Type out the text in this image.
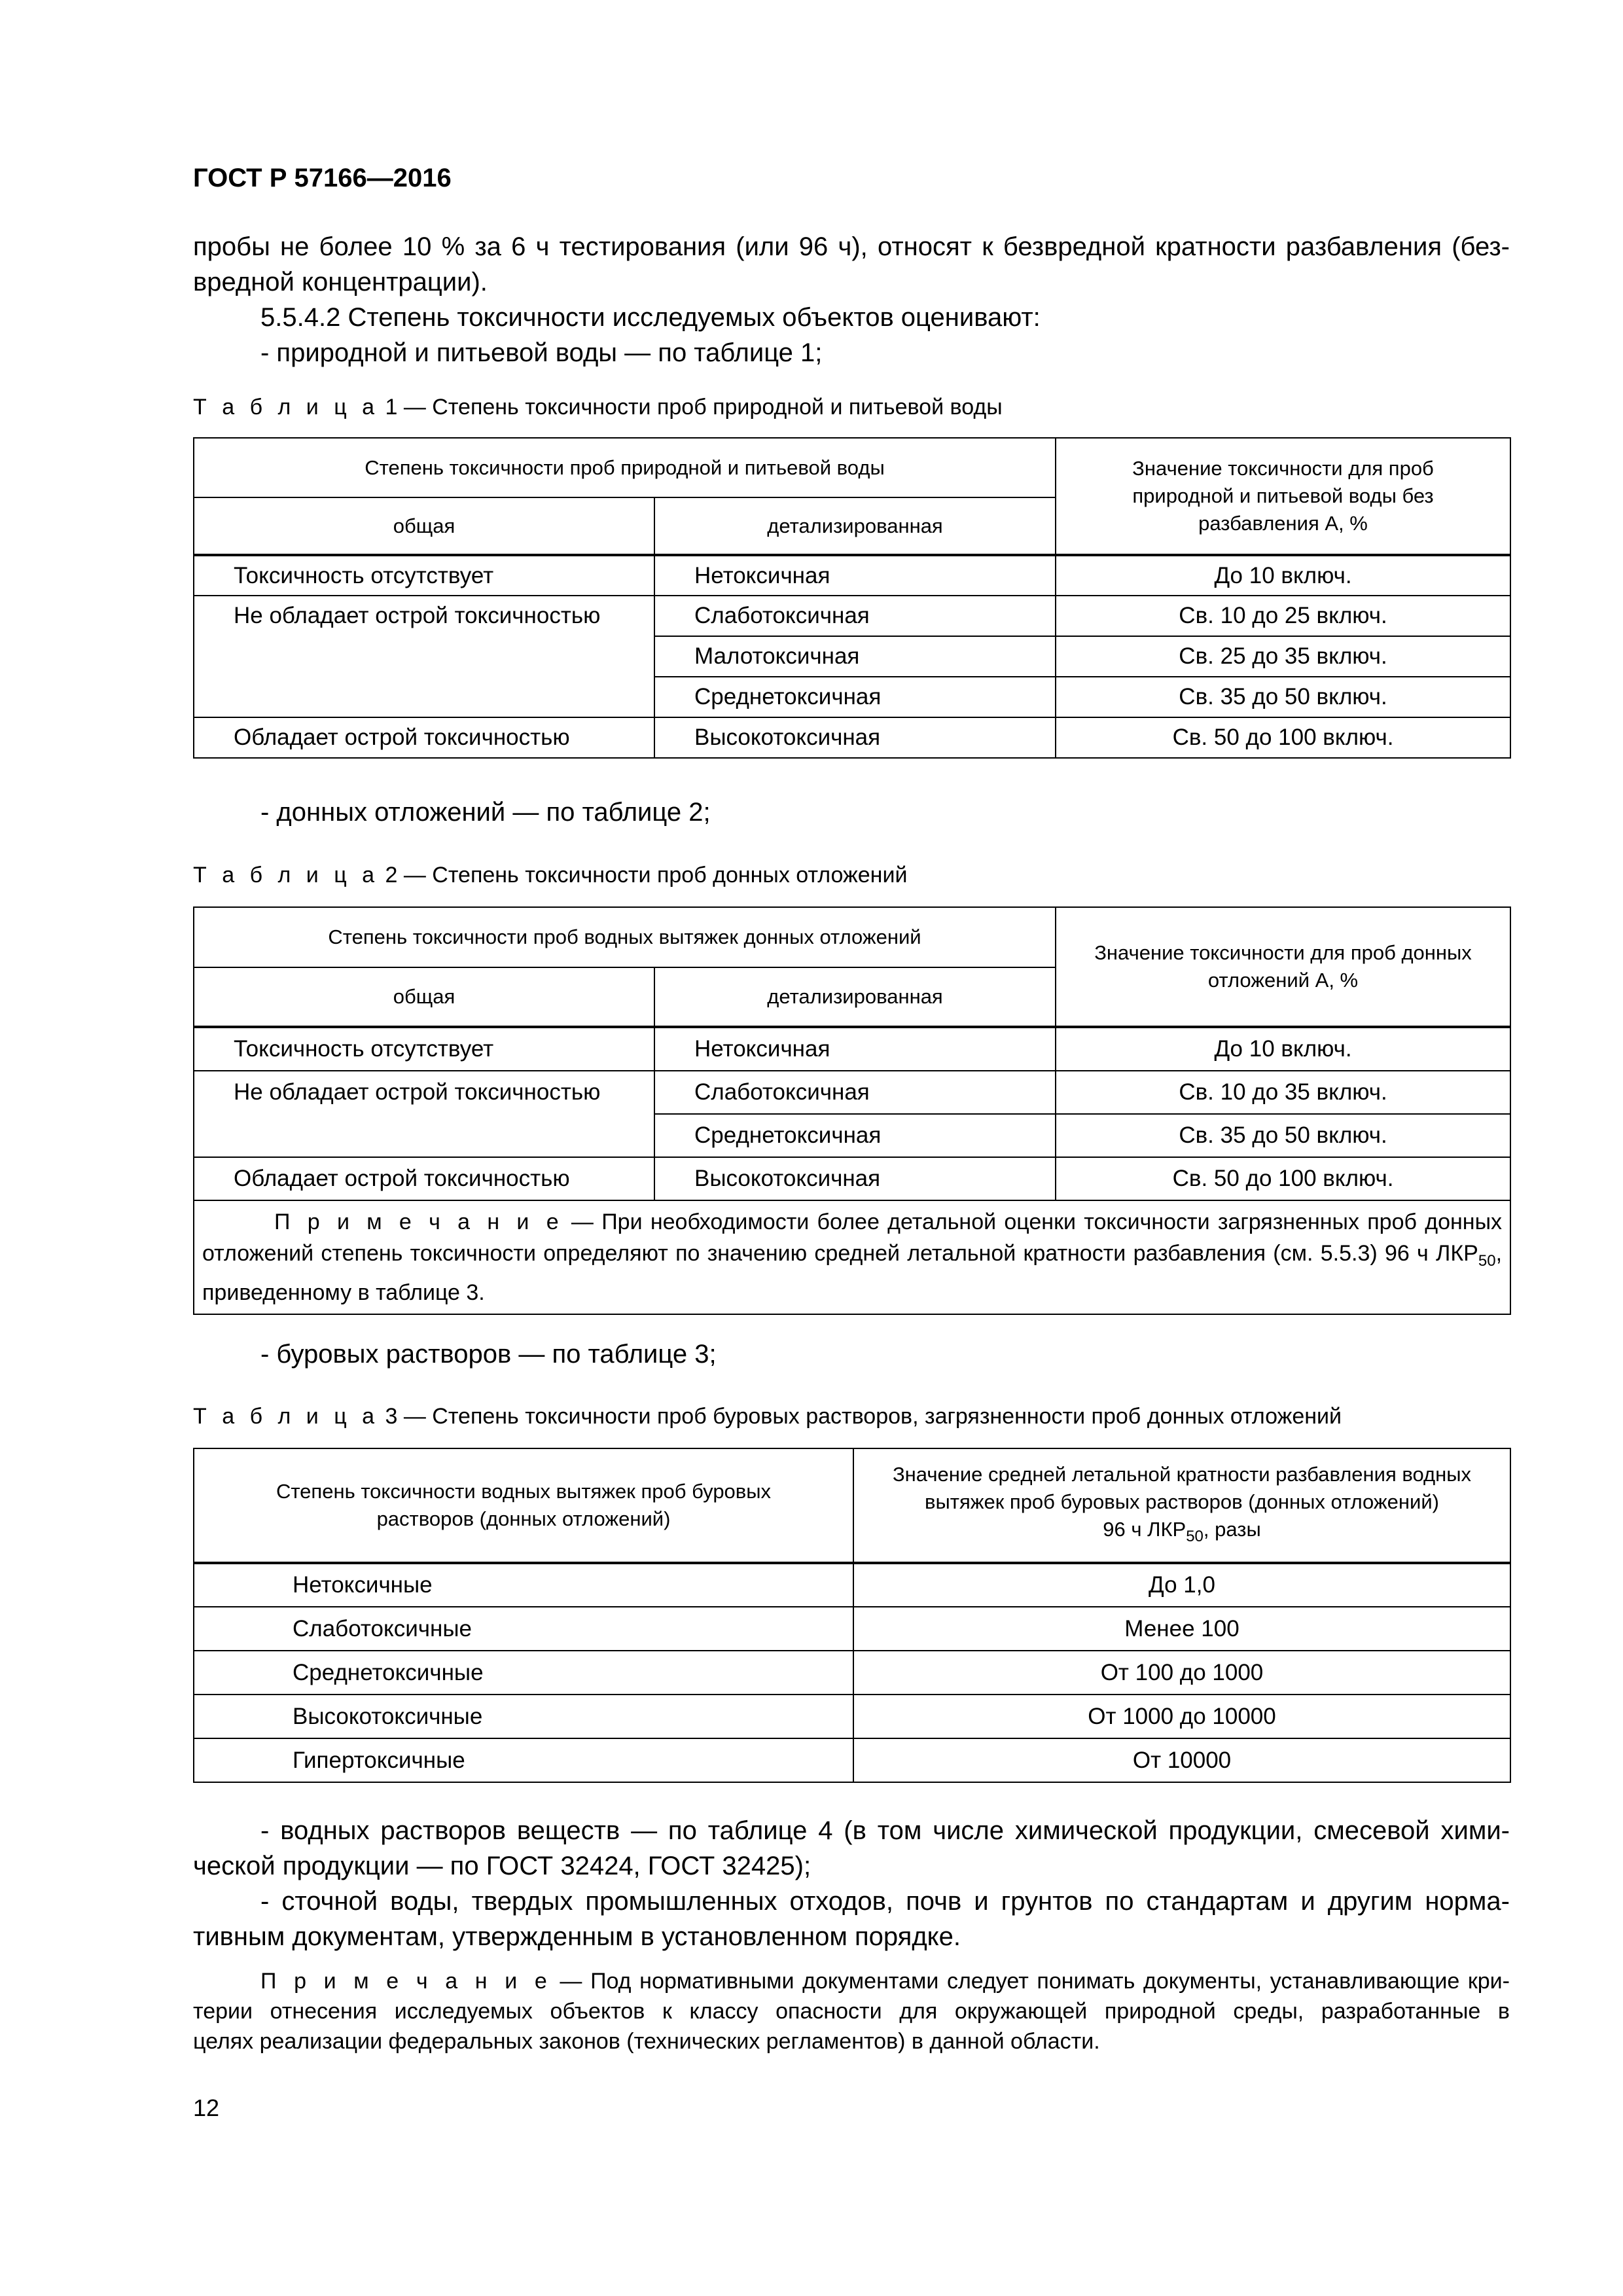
ГОСТ Р 57166—2016
пробы не более 10 % за 6 ч тестирования (или 96 ч), относят к безвредной кратности разбавления (без-
вредной концентрации).
5.5.4.2 Степень токсичности исследуемых объектов оценивают:
- природной и питьевой воды — по таблице 1;
Т а б л и ц а 1 — Степень токсичности проб природной и питьевой воды
Степень токсичности проб природной и питьевой воды		Значение токсичности для проб природной и питьевой воды без разбавления А, %
общая	детализированная	
Токсичность отсутствует	Нетоксичная	До 10 включ.
Не обладает острой токсичностью	Слаботоксичная	Св. 10 до 25 включ.
	Малотоксичная	Св. 25 до 35 включ.
	Среднетоксичная	Св. 35 до 50 включ.
Обладает острой токсичностью	Высокотоксичная	Св. 50 до 100 включ.
- донных отложений — по таблице 2;
Т а б л и ц а 2 — Степень токсичности проб донных отложений
Степень токсичности проб водных вытяжек донных отложений		Значение токсичности для проб донных отложений А, %
общая	детализированная	
Токсичность отсутствует	Нетоксичная	До 10 включ.
Не обладает острой токсичностью	Слаботоксичная	Св. 10 до 35 включ.
	Среднетоксичная	Св. 35 до 50 включ.
Обладает острой токсичностью	Высокотоксичная	Св. 50 до 100 включ.
П р и м е ч а н и е — При необходимости более детальной оценки токсичности загрязненных проб донных отложений степень токсичности определяют по значению средней летальной кратности разбавления (см. 5.5.3) 96 ч $ЛКР_{50}$, приведенному в таблице 3.		
- буровых растворов — по таблице 3;
Т а б л и ц а 3 — Степень токсичности проб буровых растворов, загрязненности проб донных отложений
Степень токсичности водных вытяжек проб буровых растворов (донных отложений)	Значение средней летальной кратности разбавления водных вытяжек проб буровых растворов (донных отложений)
96 ч $ЛКР_{50}$, разы
Нетоксичные	До 1,0
Слаботоксичные	Менее 100
Среднетоксичные	От 100 до 1000
Высокотоксичные	От 1000 до 10000
Гипертоксичные	От 10000
- водных растворов веществ — по таблице 4 (в том числе химической продукции, смесевой хими-
ческой продукции — по ГОСТ 32424, ГОСТ 32425);
- сточной воды, твердых промышленных отходов, почв и грунтов по стандартам и другим норма-
тивным документам, утвержденным в установленном порядке.
П р и м е ч а н и е — Под нормативными документами следует понимать документы, устанавливающие кри-
терии отнесения исследуемых объектов к классу опасности для окружающей природной среды, разработанные в
целях реализации федеральных законов (технических регламентов) в данной области.
12
